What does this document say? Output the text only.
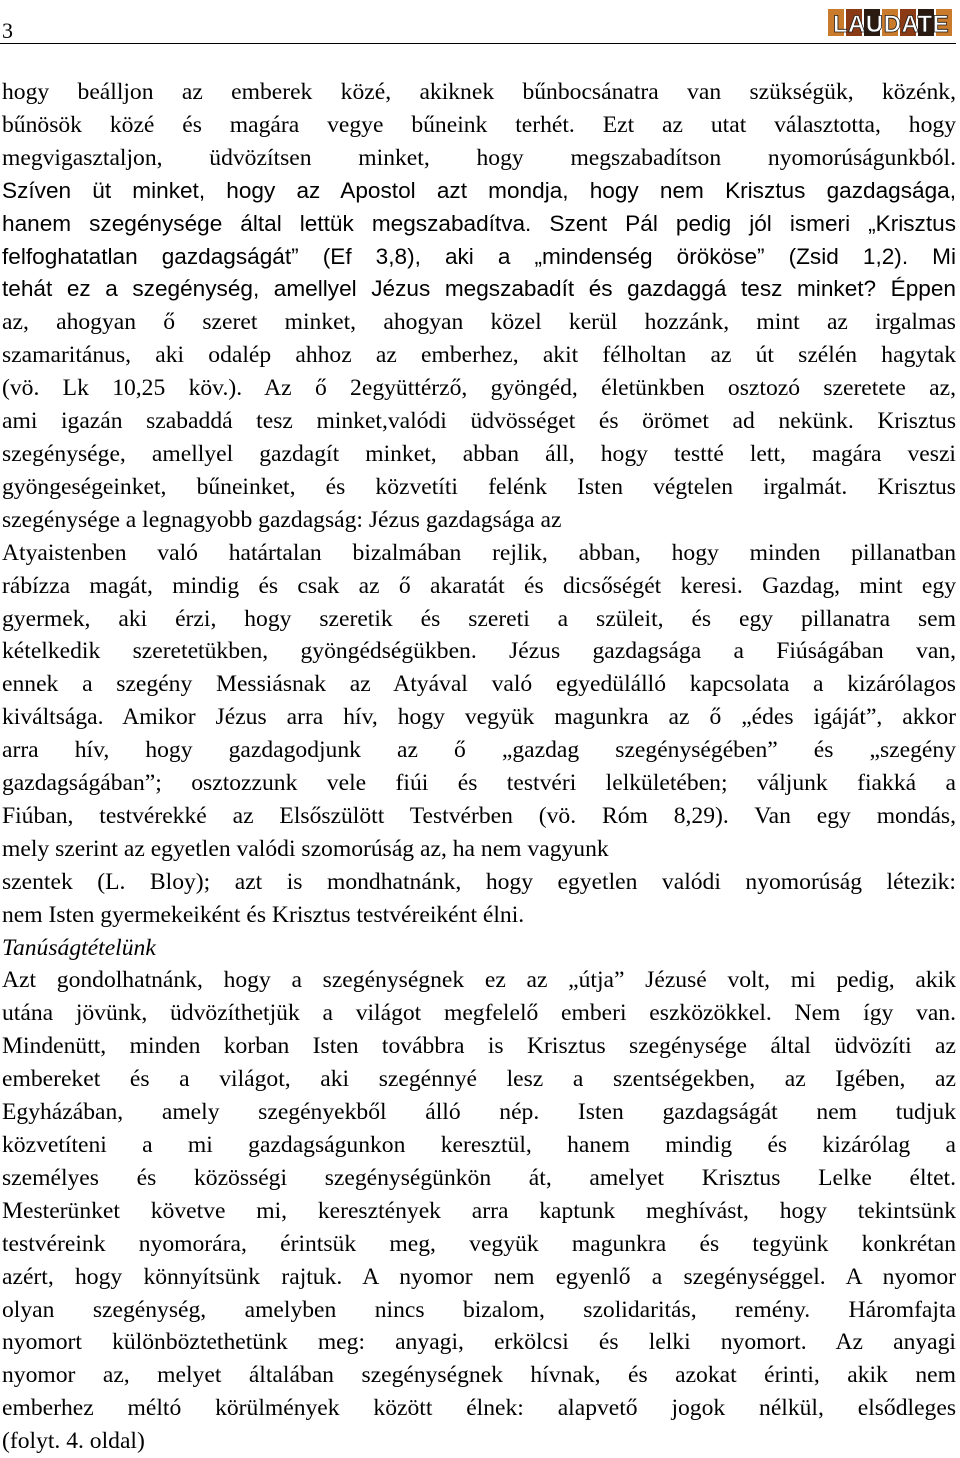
3	LAUDATE
hogy beálljon az emberek közé, akiknek bűnbocsánatra van szükségük, közénk,
bűnösök közé és magára vegye bűneink terhét. Ezt az utat választotta, hogy
megvigasztaljon, üdvözítsen minket, hogy megszabadítson nyomorúságunkból.
Szíven üt minket, hogy az Apostol azt mondja, hogy nem Krisztus gazdagsága,
hanem szegénysége által lettük megszabadítva. Szent Pál pedig jól ismeri „Krisztus
felfoghatatlan gazdagságát” (Ef 3,8), aki a „mindenség örököse” (Zsid 1,2). Mi
tehát ez a szegénység, amellyel Jézus megszabadít és gazdaggá tesz minket? Éppen
az, ahogyan ő szeret minket, ahogyan közel kerül hozzánk, mint az irgalmas
szamaritánus, aki odalép ahhoz az emberhez, akit félholtan az út szélén hagytak
(vö. Lk 10,25 köv.). Az ő 2együttérző, gyöngéd, életünkben osztozó szeretete az,
ami igazán szabaddá tesz minket,valódi üdvösséget és örömet ad nekünk. Krisztus
szegénysége, amellyel gazdagít minket, abban áll, hogy testté lett, magára veszi
gyöngeségeinket, bűneinket, és közvetíti felénk Isten végtelen irgalmát. Krisztus
szegénysége a legnagyobb gazdagság: Jézus gazdagsága az
Atyaistenben való határtalan bizalmában rejlik, abban, hogy minden pillanatban
rábízza magát, mindig és csak az ő akaratát és dicsőségét keresi. Gazdag, mint egy
gyermek, aki érzi, hogy szeretik és szereti a szüleit, és egy pillanatra sem
kételkedik szeretetükben, gyöngédségükben. Jézus gazdagsága a Fiúságában van,
ennek a szegény Messiásnak az Atyával való egyedülálló kapcsolata a kizárólagos
kiváltsága. Amikor Jézus arra hív, hogy vegyük magunkra az ő „édes igáját”, akkor
arra hív, hogy gazdagodjunk az ő „gazdag szegénységében” és „szegény
gazdagságában”; osztozzunk vele fiúi és testvéri lelkületében; váljunk fiakká a
Fiúban, testvérekké az Elsőszülött Testvérben (vö. Róm 8,29). Van egy mondás,
mely szerint az egyetlen valódi szomorúság az, ha nem vagyunk
szentek (L. Bloy); azt is mondhatnánk, hogy egyetlen valódi nyomorúság létezik:
nem Isten gyermekeiként és Krisztus testvéreiként élni.
Tanúságtételünk
Azt gondolhatnánk, hogy a szegénységnek ez az „útja” Jézusé volt, mi pedig, akik
utána jövünk, üdvözíthetjük a világot megfelelő emberi eszközökkel. Nem így van.
Mindenütt, minden korban Isten továbbra is Krisztus szegénysége által üdvözíti az
embereket és a világot, aki szegénnyé lesz a szentségekben, az Igében, az
Egyházában, amely szegényekből álló nép. Isten gazdagságát nem tudjuk
közvetíteni a mi gazdagságunkon keresztül, hanem mindig és kizárólag a
személyes és közösségi szegénységünkön át, amelyet Krisztus Lelke éltet.
Mesterünket követve mi, keresztények arra kaptunk meghívást, hogy tekintsünk
testvéreink nyomorára, érintsük meg, vegyük magunkra és tegyünk konkrétan
azért, hogy könnyítsünk rajtuk. A nyomor nem egyenlő a szegénységgel. A nyomor
olyan szegénység, amelyben nincs bizalom, szolidaritás, remény. Háromfajta
nyomort különböztethetünk meg: anyagi, erkölcsi és lelki nyomort. Az anyagi
nyomor az, melyet általában szegénységnek hívnak, és azokat érinti, akik nem
emberhez méltó körülmények között élnek: alapvető jogok nélkül, elsődleges
(folyt. 4. oldal)
